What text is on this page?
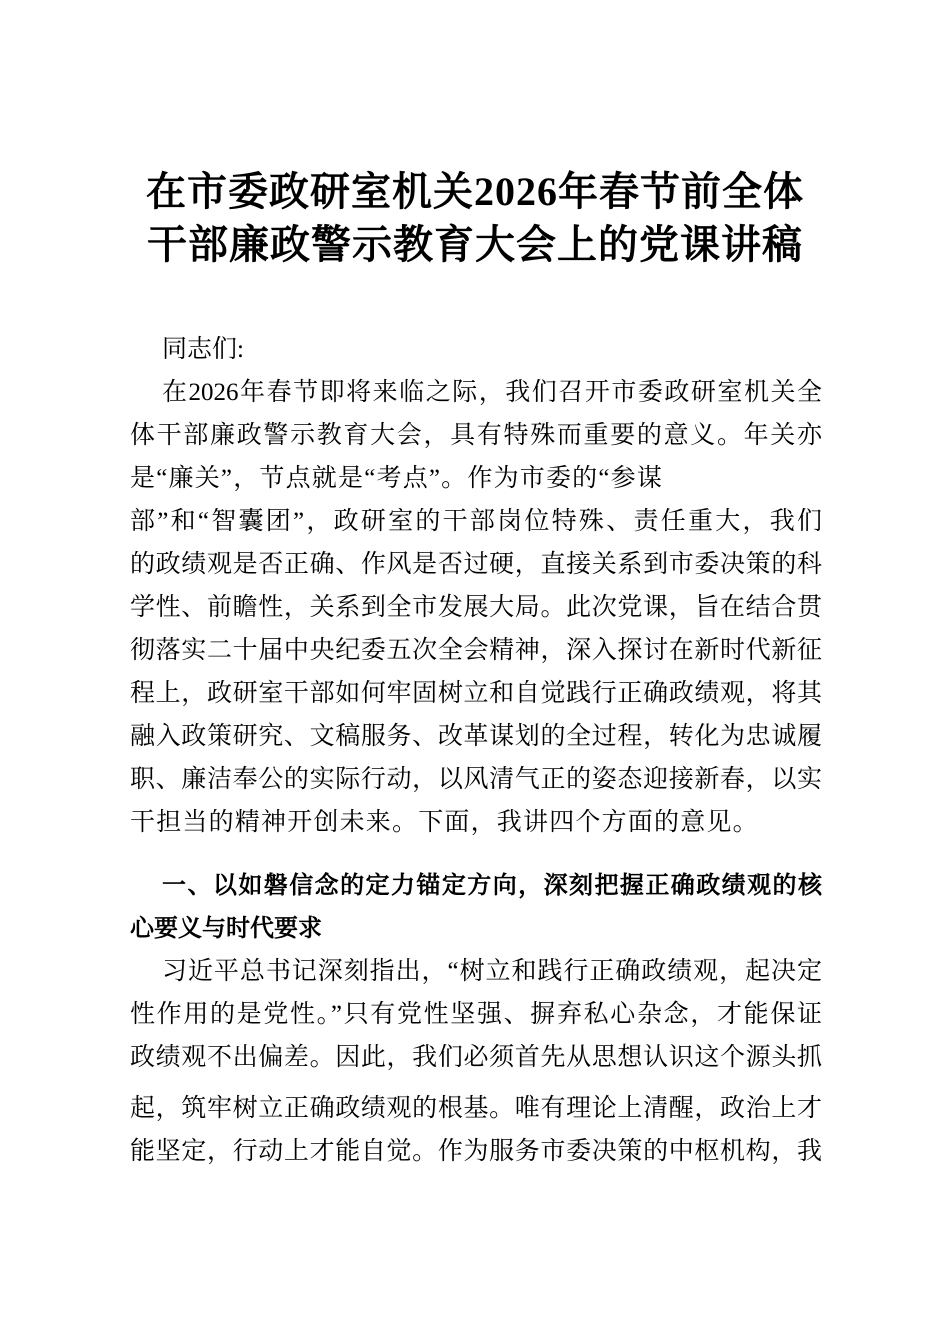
在市委政研室机关2026年春节前全体
干部廉政警示教育大会上的党课讲稿
同志们:
在2026年春节即将来临之际，我们召开市委政研室机关全
体干部廉政警示教育大会，具有特殊而重要的意义。年关亦
是“廉关”，节点就是“考点”。作为市委的“参谋
部”和“智囊团”，政研室的干部岗位特殊、责任重大，我们
的政绩观是否正确、作风是否过硬，直接关系到市委决策的科
学性、前瞻性，关系到全市发展大局。此次党课，旨在结合贯
彻落实二十届中央纪委五次全会精神，深入探讨在新时代新征
程上，政研室干部如何牢固树立和自觉践行正确政绩观，将其
融入政策研究、文稿服务、改革谋划的全过程，转化为忠诚履
职、廉洁奉公的实际行动，以风清气正的姿态迎接新春，以实
干担当的精神开创未来。下面，我讲四个方面的意见。
一、以如磐信念的定力锚定方向，深刻把握正确政绩观的核
心要义与时代要求
习近平总书记深刻指出，“树立和践行正确政绩观，起决定
性作用的是党性。”只有党性坚强、摒弃私心杂念，才能保证
政绩观不出偏差。因此，我们必须首先从思想认识这个源头抓
起，筑牢树立正确政绩观的根基。唯有理论上清醒，政治上才
能坚定，行动上才能自觉。作为服务市委决策的中枢机构，我
